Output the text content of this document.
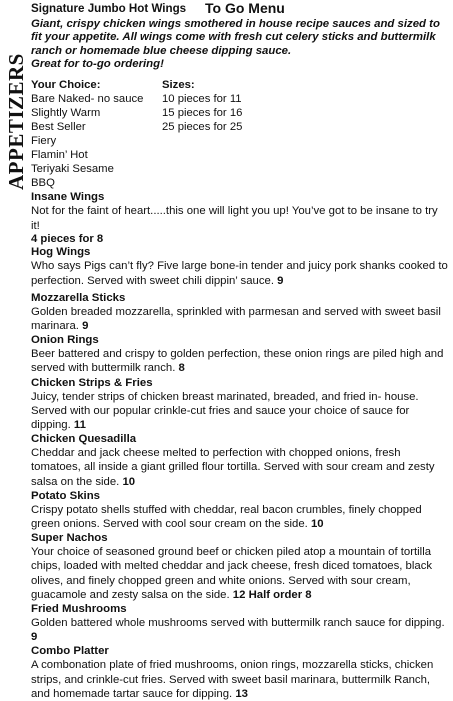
APPETIZERS
Signature Jumbo Hot Wings To Go Menu
Giant, crispy chicken wings smothered in house recipe sauces and sized to fit your appetite. All wings come with fresh cut celery sticks and buttermilk ranch or homemade blue cheese dipping sauce.
Great for to-go ordering!
Your Choice:
Bare Naked- no sauce
Slightly Warm
Best Seller
Fiery
Flamin’ Hot
Teriyaki Sesame
BBQ
Sizes:
10 pieces for 11
15 pieces for 16
25 pieces for 25
Insane Wings
Not for the faint of heart.....this one will light you up! You’ve got to be insane to try it!
4 pieces for 8
Hog Wings
Who says Pigs can’t fly? Five large bone-in tender and juicy pork shanks cooked to perfection. Served with sweet chili dippin’ sauce. 9
Mozzarella Sticks
Golden breaded mozzarella, sprinkled with parmesan and served with sweet basil marinara. 9
Onion Rings
Beer battered and crispy to golden perfection, these onion rings are piled high and served with buttermilk ranch. 8
Chicken Strips & Fries
Juicy, tender strips of chicken breast marinated, breaded, and fried in- house. Served with our popular crinkle-cut fries and sauce your choice of sauce for dipping. 11
Chicken Quesadilla
Cheddar and jack cheese melted to perfection with chopped onions, fresh tomatoes, all inside a giant grilled flour tortilla. Served with sour cream and zesty salsa on the side. 10
Potato Skins
Crispy potato shells stuffed with cheddar, real bacon crumbles, finely chopped green onions. Served with cool sour cream on the side. 10
Super Nachos
Your choice of seasoned ground beef or chicken piled atop a mountain of tortilla chips, loaded with melted cheddar and jack cheese, fresh diced tomatoes, black olives, and finely chopped green and white onions. Served with sour cream, guacamole and zesty salsa on the side. 12 Half order 8
Fried Mushrooms
Golden battered whole mushrooms served with buttermilk ranch sauce for dipping. 9
Combo Platter
A combonation plate of fried mushrooms, onion rings, mozzarella sticks, chicken strips, and crinkle-cut fries. Served with sweet basil marinara, buttermilk Ranch, and homemade tartar sauce for dipping. 13
